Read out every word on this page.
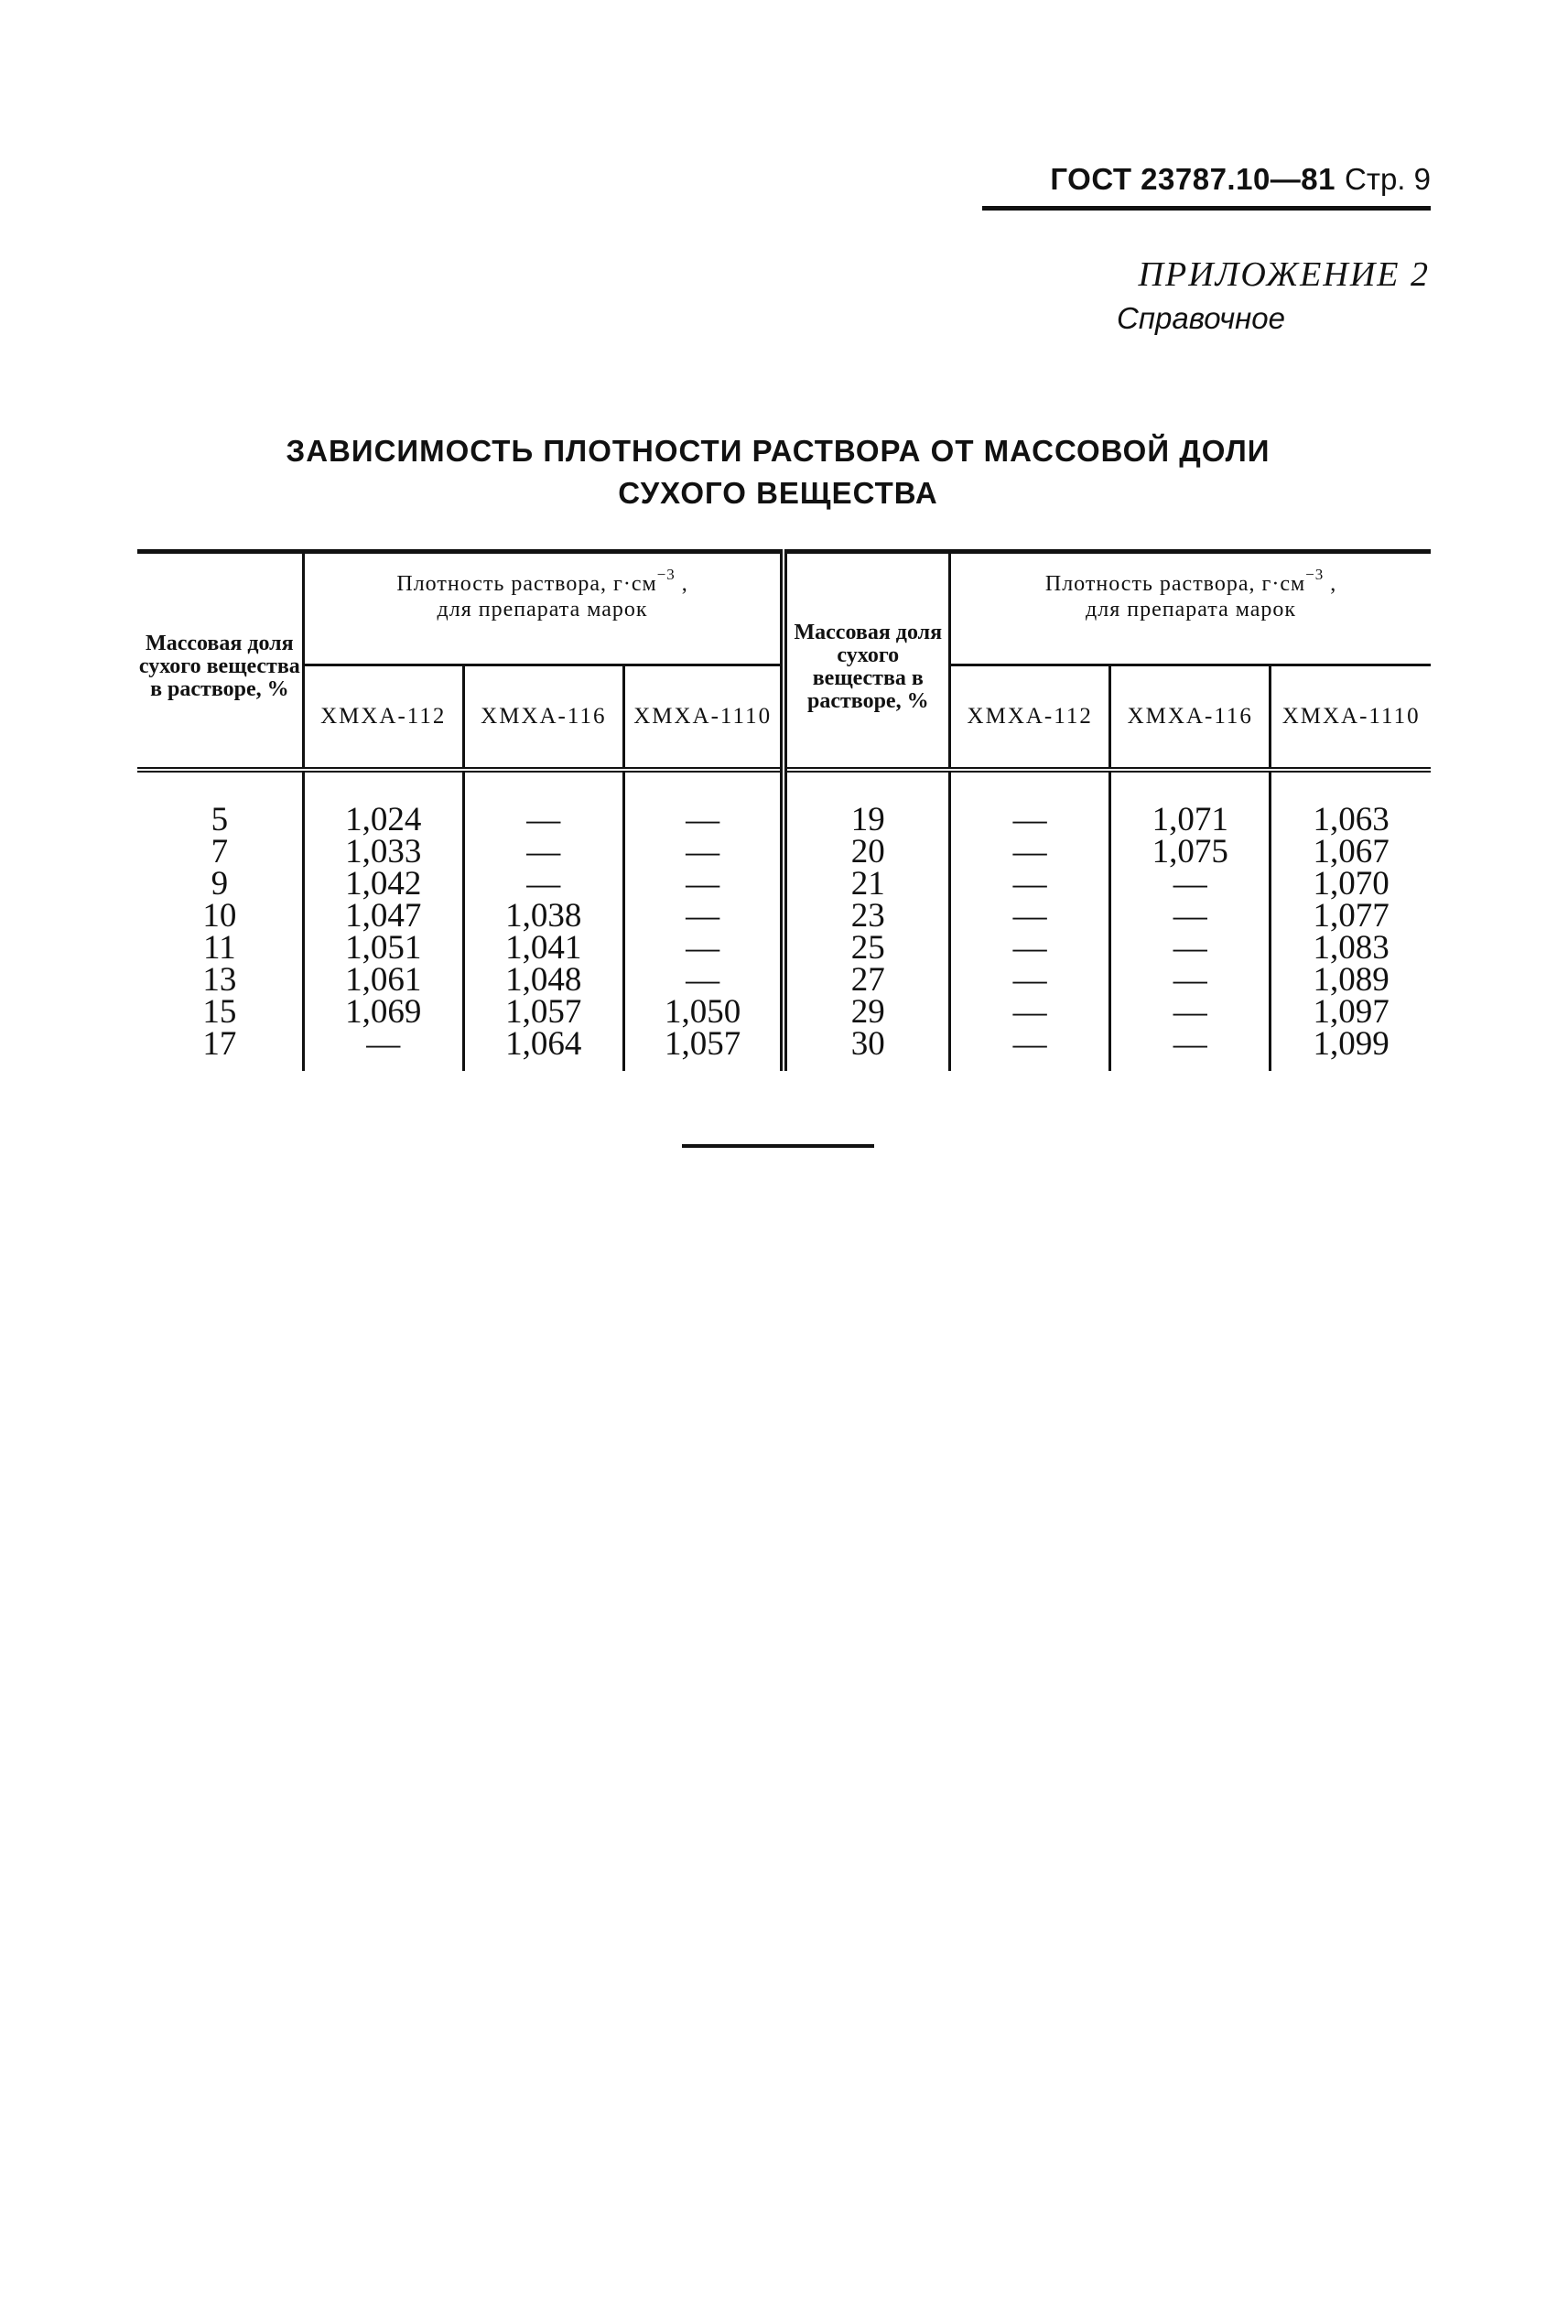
ГОСТ 23787.10—81 Стр. 9
ПРИЛОЖЕНИЕ 2
Справочное
ЗАВИСИМОСТЬ ПЛОТНОСТИ РАСТВОРА ОТ МАССОВОЙ ДОЛИ
СУХОГО ВЕЩЕСТВА
Массовая доля сухого вещества в растворе, %	Плотность раствора, $г\cdot см^{-3}$ ,
для препарата марок			Массовая доля сухого вещества в растворе, %	Плотность раствора, $г\cdot см^{-3}$ ,
для препарата марок		
	ХМХА-112	ХМХА-116	ХМХА-1110		ХМХА-112	ХМХА-116	ХМХА-1110
5	1,024	—	—	19	—	1,071	1,063
7	1,033	—	—	20	—	1,075	1,067
9	1,042	—	—	21	—	—	1,070
10	1,047	1,038	—	23	—	—	1,077
11	1,051	1,041	—	25	—	—	1,083
13	1,061	1,048	—	27	—	—	1,089
15	1,069	1,057	1,050	29	—	—	1,097
17	—	1,064	1,057	30	—	—	1,099
